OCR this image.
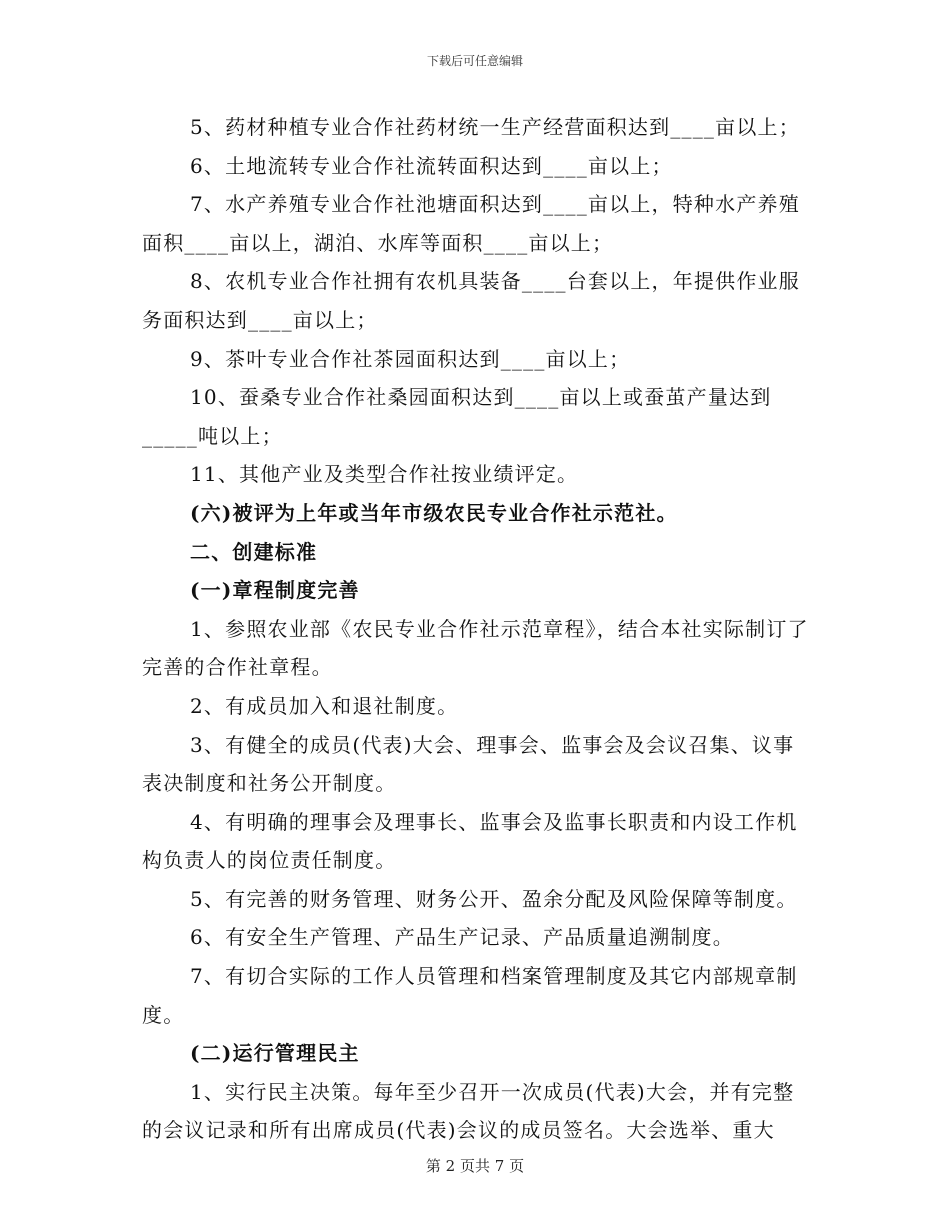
下载后可任意编辑

5、药材种植专业合作社药材统一生产经营面积达到____亩以上；

6、土地流转专业合作社流转面积达到____亩以上；

7、水产养殖专业合作社池塘面积达到____亩以上，特种水产养殖面积____亩以上，湖泊、水库等面积____亩以上；

8、农机专业合作社拥有农机具装备____台套以上，年提供作业服务面积达到____亩以上；

9、茶叶专业合作社茶园面积达到____亩以上；

10、蚕桑专业合作社桑园面积达到____亩以上或蚕茧产量达到_____吨以上；

11、其他产业及类型合作社按业绩评定。

(六)被评为上年或当年市级农民专业合作社示范社。

二、创建标准

(一)章程制度完善

1、参照农业部《农民专业合作社示范章程》，结合本社实际制订了完善的合作社章程。

2、有成员加入和退社制度。

3、有健全的成员(代表)大会、理事会、监事会及会议召集、议事表决制度和社务公开制度。

4、有明确的理事会及理事长、监事会及监事长职责和内设工作机构负责人的岗位责任制度。

5、有完善的财务管理、财务公开、盈余分配及风险保障等制度。

6、有安全生产管理、产品生产记录、产品质量追溯制度。

7、有切合实际的工作人员管理和档案管理制度及其它内部规章制度。

(二)运行管理民主

1、实行民主决策。每年至少召开一次成员(代表)大会，并有完整的会议记录和所有出席成员(代表)会议的成员签名。大会选举、重大

第 2 页共 7 页
